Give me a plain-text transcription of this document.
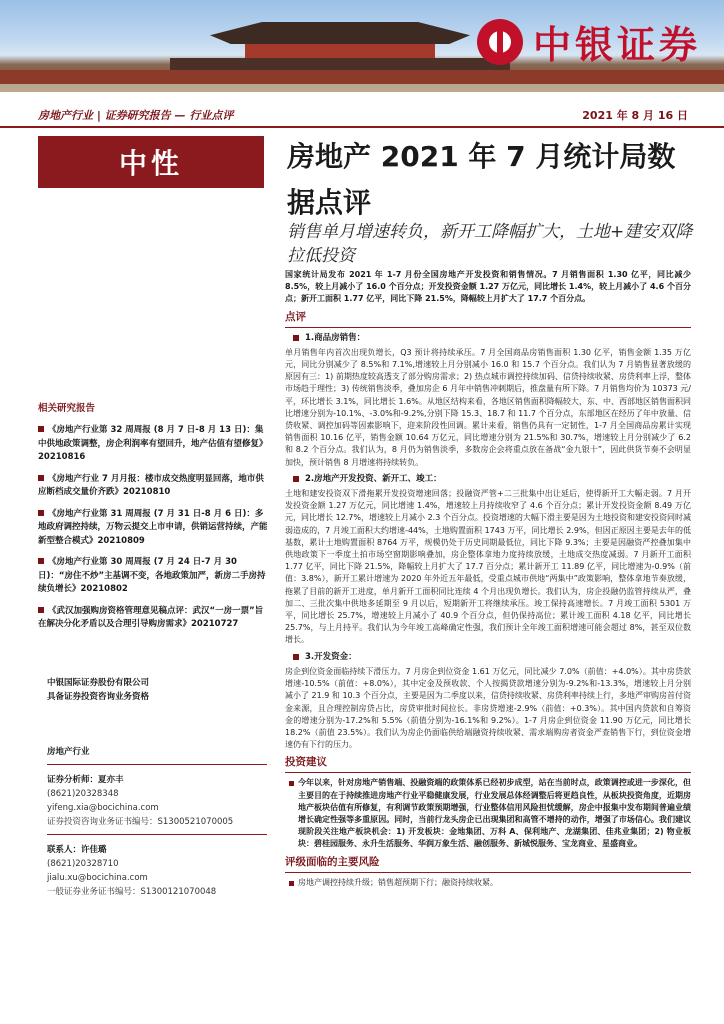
中银证券
房地产行业 | 证券研究报告 — 行业点评	2021 年 8 月 16 日
中性	房地产 2021 年 7 月统计局数据点评
销售单月增速转负，新开工降幅扩大，土地+建安双降拉低投资
国家统计局发布 2021 年 1-7 月份全国房地产开发投资和销售情况。7 月销售面积 1.30 亿平，同比减少 8.5%，较上月减小了 16.0 个百分点；开发投资金额 1.27 万亿元，同比增长 1.4%，较上月减小了 4.6 个百分点；新开工面积 1.77 亿平，同比下降 21.5%，降幅较上月扩大了 17.7 个百分点。
点评
1.商品房销售：
单月销售年内首次出现负增长，Q3 预计将持续承压。7 月全国商品房销售面积 1.30 亿平，销售金额 1.35 万亿元，同比分别减少了 8.5%和 7.1%,增速较上月分别减小 16.0 和 15.7 个百分点。我们认为 7 月销售显著放缓的原因有三：1) 前期热度较高透支了部分购房需求；2) 热点城市调控持续加码、信贷持续收紧、房贷利率上浮，整体市场趋于理性；3) 传统销售淡季，叠加房企 6 月年中销售冲刺期后，推盘量有所下降。7 月销售均价为 10373 元/平，环比增长 3.1%，同比增长 1.6%。从地区结构来看，各地区销售面积降幅较大，东、中、西部地区销售面积同比增速分别为-10.1%、-3.0%和-9.2%,分别下降 15.3、18.7 和 11.7 个百分点，东部地区在经历了年中放量、信贷收紧、调控加码等因素影响下，迎来阶段性回调。累计来看，销售仍具有一定韧性，1-7 月全国商品房累计实现销售面积 10.16 亿平，销售金额 10.64 万亿元，同比增速分别为 21.5%和 30.7%，增速较上月分别减少了 6.2 和 8.2 个百分点。我们认为，8 月仍为销售淡季，多数房企会将重点放在备战“金九银十”，因此供货节奏不会明显加快，预计销售 8 月增速将持续转负。
2.房地产开发投资、新开工、竣工：
土地和建安投资双下滑拖累开发投资增速回落；投融资严管+二三批集中出让延后，使得新开工大幅走弱。7 月开发投资金额 1.27 万亿元，同比增速 1.4%，增速较上月持续收窄了 4.6 个百分点；累计开发投资金额 8.49 万亿元，同比增长 12.7%，增速较上月减小 2.3 个百分点。投资增速的大幅下滑主要是因为土地投资和建安投资同时减弱造成的，7 月竣工面积大约增速-44%，土地购置面积 1743 万平，同比增长 2.9%，但因正原因主要是去年的低基数，累计土地购置面积 8764 万平，规模仍处于历史同期最低位，同比下降 9.3%；主要是因融资严控叠加集中供地政策下一季度土拍市场空窗期影响叠加，房企整体拿地力度持续放缓，土地成交热度减弱。7 月新开工面积 1.77 亿平，同比下降 21.5%，降幅较上月扩大了 17.7 百分点；累计新开工 11.89 亿平，同比增速为-0.9%（前值：3.8%），新开工累计增速为 2020 年外近五年最低，受重点城市供地“两集中”政策影响，整体拿地节奏放缓，拖累了目前的新开工进度，单月新开工面积同比连续 4 个月出现负增长。我们认为，房企投融仍监管持续从严，叠加二、三批次集中供地多延期至 9 月以后，短期新开工将继续承压。竣工保持高速增长。7 月竣工面积 5301 万平，同比增长 25.7%，增速较上月减小了 40.9 个百分点，但仍保持高位；累计竣工面积 4.18 亿平，同比增长 25.7%，与上月持平。我们认为今年竣工高峰确定性强，我们预计全年竣工面积增速可能会超过 8%，甚至双位数增长。
3.开发资金：
房企到位资金面临持续下滑压力。7 月房企到位资金 1.61 万亿元，同比减少 7.0%（前值：+4.0%）。其中房贷款增速-10.5%（前值：+8.0%），其中定金及预收款、个人按揭贷款增速分别为-9.2%和-13.3%，增速较上月分别减小了 21.9 和 10.3 个百分点，主要是因为二季度以来，信贷持续收紧、房贷利率持续上行，多地严审购房首付资金来源，且合理控制房贷占比，房贷审批时间拉长。非房贷增速-2.9%（前值：+0.3%）。其中国内贷款和自筹资金的增速分别为-17.2%和 5.5%（前值分别为-16.1%和 9.2%）。1-7 月房企到位资金 11.90 万亿元，同比增长 18.2%（前值 23.5%）。我们认为房企仍面临供给端融资持续收紧、需求端购房者资金严查销售下行，到位资金增速仍有下行的压力。
投资建议
今年以来，针对房地产销售端、投融资端的政策体系已经初步成型，站在当前时点，政策调控或进一步深化，但主要目的在于持续推进房地产行业平稳健康发展，行业发展总体经调整后将更趋良性，从板块投资角度，近期房地产板块估值有所修复，有利调节政策预期增强，行业整体信用风险担忧缓解，房企中报集中发布期间普遍业绩增长确定性强等多重原因。同时，当前行龙头房企已出现集团和高管不增持的动作，增强了市场信心。我们建议现阶段关注地产板块机会：1) 开发板块：金地集团、万科 A、保利地产、龙湖集团、佳兆业集团；2) 物业板块：碧桂园服务、永升生活服务、华润万象生活、融创服务、新城悦服务、宝龙商业、星盛商业。
评级面临的主要风险
房地产调控持续升级；销售超预期下行；融资持续收紧。
相关研究报告
《房地产行业第 32 周周报 (8 月 7 日-8 月 13 日)：集中供地政策调整，房企利润率有望回升，地产估值有望修复》20210816
《房地产行业 7 月月报：楼市成交热度明显回落，地市供应断档成交量价齐跌》20210810
《房地产行业第 31 周周报 (7 月 31 日-8 月 6 日)：多地政府调控持续，万物云提交上市申请，供销运营持续，产能新型整合模式》20210809
《房地产行业第 30 周周报 (7 月 24 日-7 月 30 日)：“房住不炒”主基调不变，各地政策加严，新房二手房持续负增长》20210802
《武汉加强购房资格管理意见稿点评：武汉“一房一票”旨在解决分化矛盾以及合理引导购房需求》20210727
中银国际证券股份有限公司
具备证券投资咨询业务资格
房地产行业
证券分析师：夏亦丰
(8621)20328348
yifeng.xia@bocichina.com
证券投资咨询业务证书编号：S1300521070005
联系人：许佳璐
(8621)20328710
jialu.xu@bocichina.com
一般证券业务证书编号：S1300121070048
